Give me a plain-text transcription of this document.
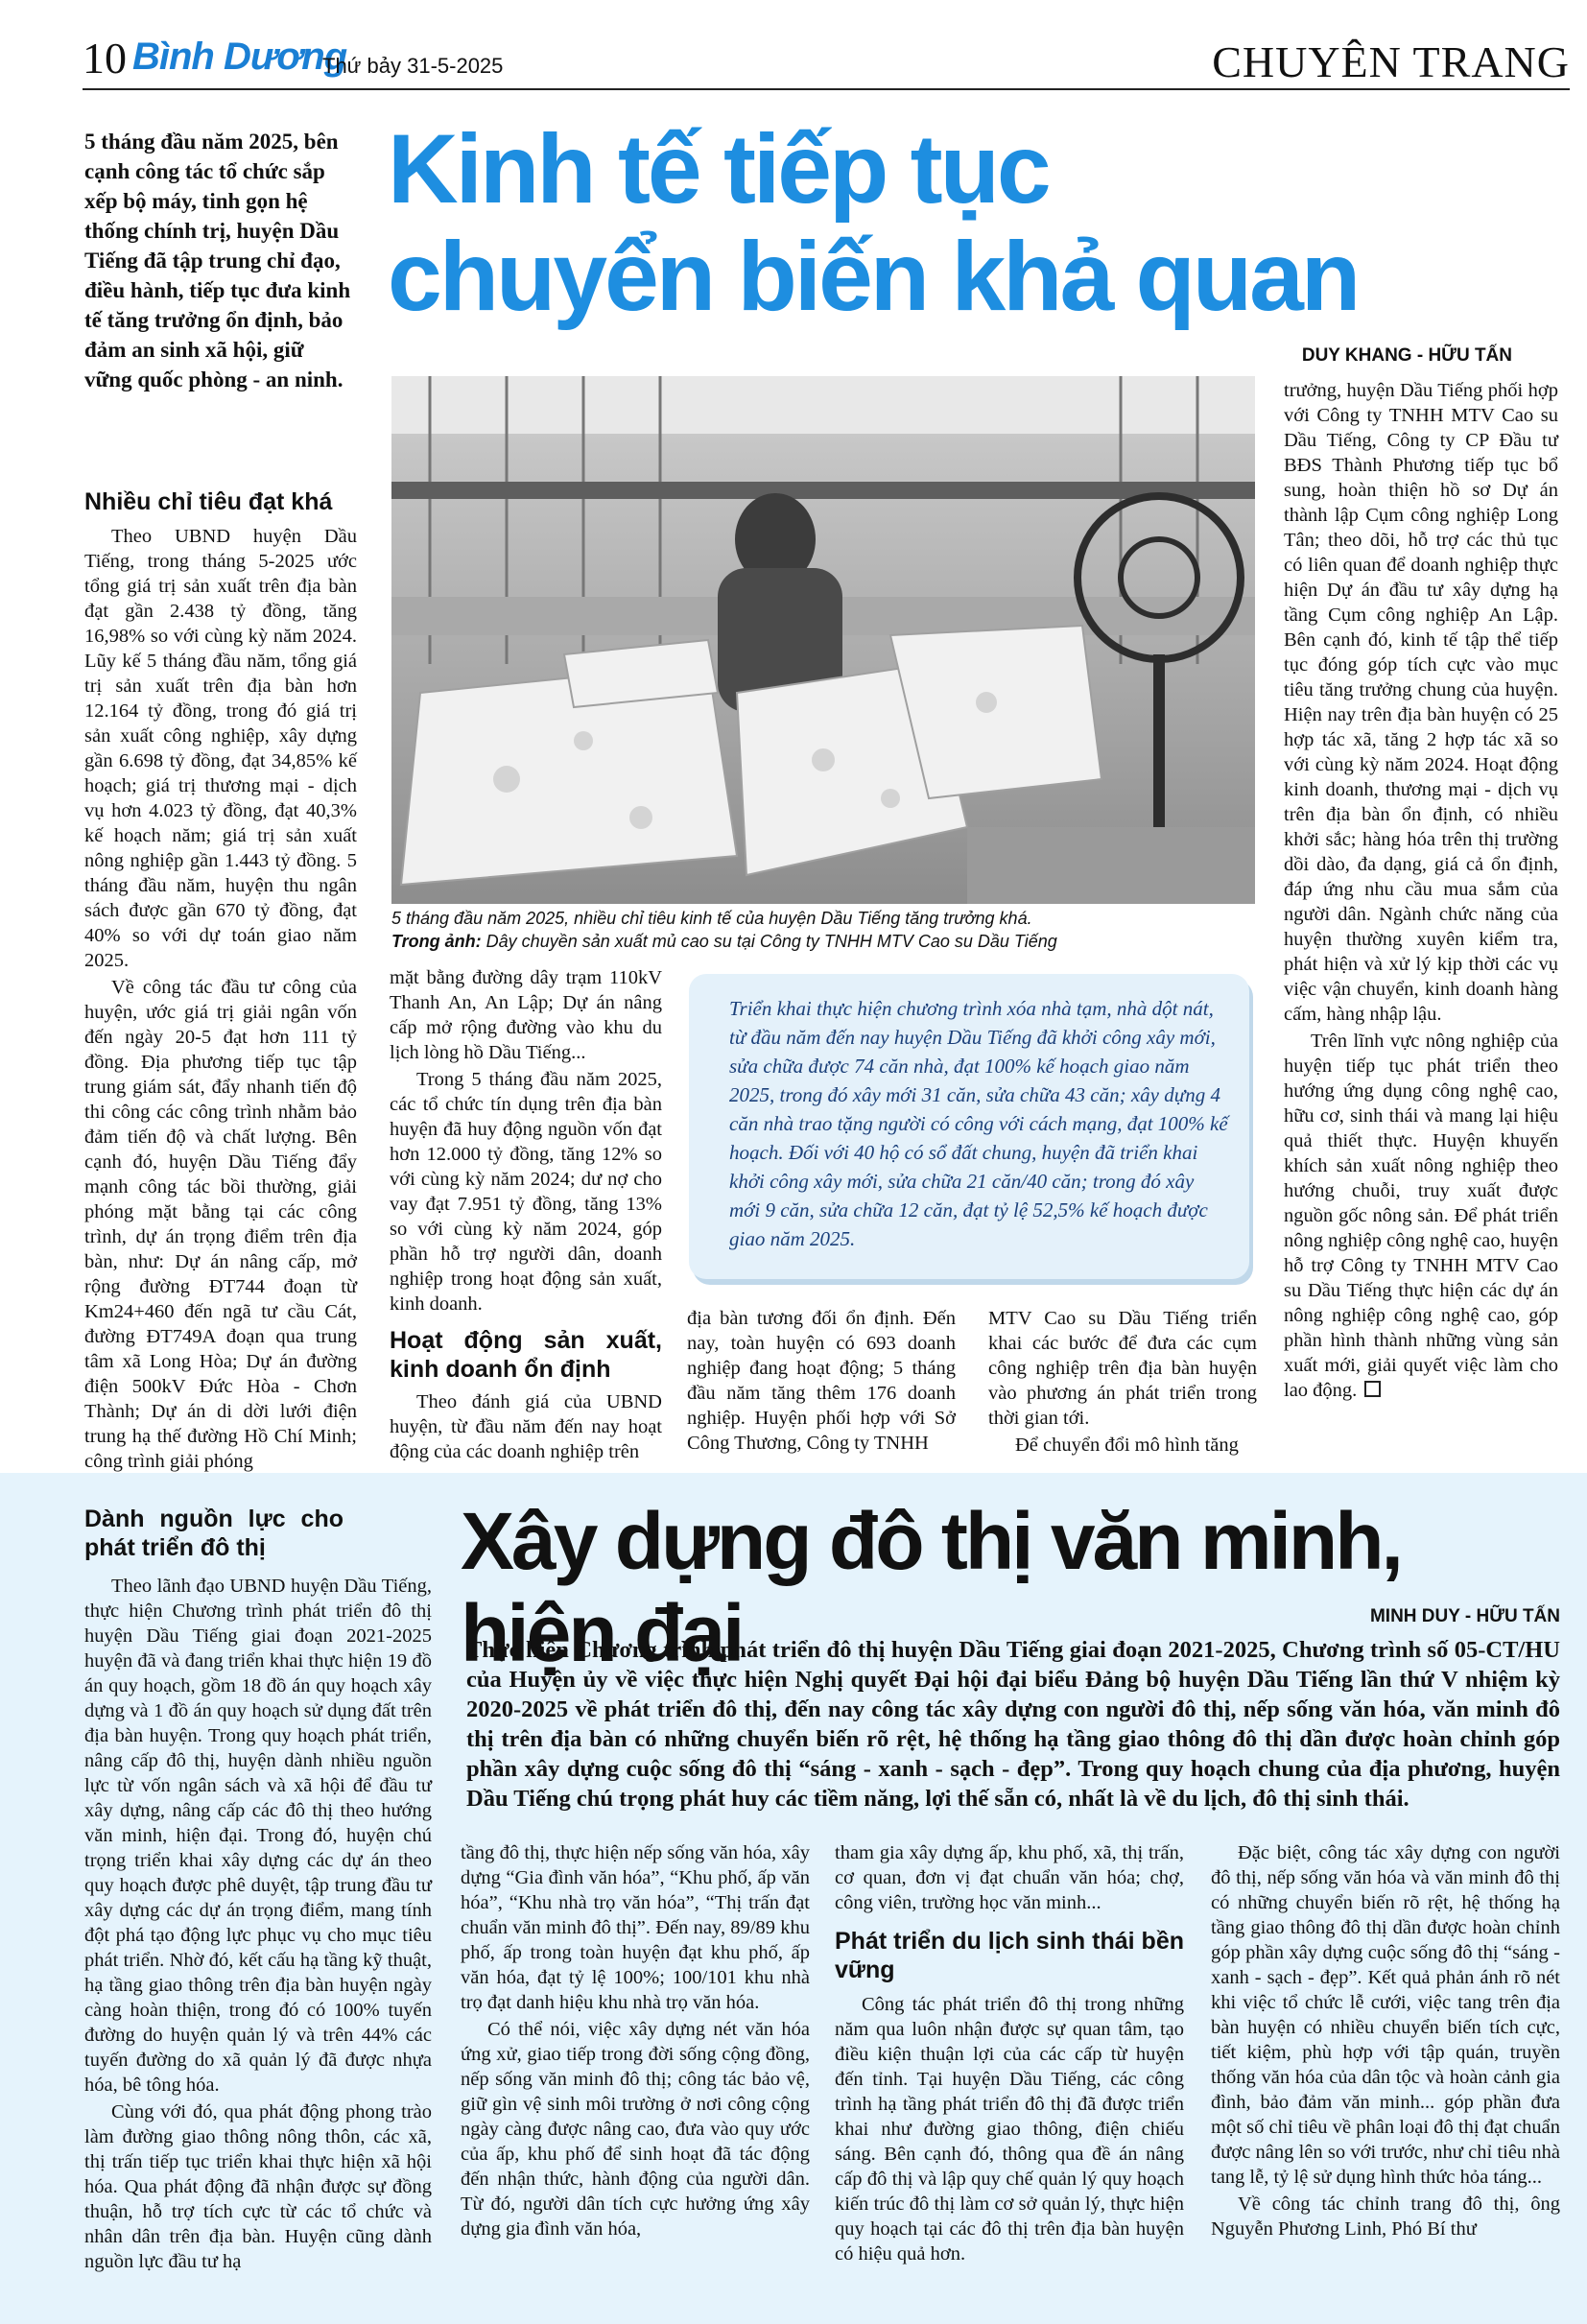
10 Bình Dương
Thứ bảy 31-5-2025	CHUYÊN TRANG
5 tháng đầu năm 2025, bên cạnh công tác tổ chức sắp xếp bộ máy, tinh gọn hệ thống chính trị, huyện Dầu Tiếng đã tập trung chỉ đạo, điều hành, tiếp tục đưa kinh tế tăng trưởng ổn định, bảo đảm an sinh xã hội, giữ vững quốc phòng - an ninh.
Kinh tế tiếp tục
chuyển biến khả quan
DUY KHANG - HỮU TẤN
Nhiều chỉ tiêu đạt khá

Theo UBND huyện Dầu Tiếng, trong tháng 5-2025 ước tổng giá trị sản xuất trên địa bàn đạt gần 2.438 tỷ đồng, tăng 16,98% so với cùng kỳ năm 2024. Lũy kế 5 tháng đầu năm, tổng giá trị sản xuất trên địa bàn hơn 12.164 tỷ đồng, trong đó giá trị sản xuất công nghiệp, xây dựng gần 6.698 tỷ đồng, đạt 34,85% kế hoạch; giá trị thương mại - dịch vụ hơn 4.023 tỷ đồng, đạt 40,3% kế hoạch năm; giá trị sản xuất nông nghiệp gần 1.443 tỷ đồng. 5 tháng đầu năm, huyện thu ngân sách được gần 670 tỷ đồng, đạt 40% so với dự toán giao năm 2025.

Về công tác đầu tư công của huyện, ước giá trị giải ngân vốn đến ngày 20-5 đạt hơn 111 tỷ đồng. Địa phương tiếp tục tập trung giám sát, đẩy nhanh tiến độ thi công các công trình nhằm bảo đảm tiến độ và chất lượng. Bên cạnh đó, huyện Dầu Tiếng đẩy mạnh công tác bồi thường, giải phóng mặt bằng tại các công trình, dự án trọng điểm trên địa bàn, như: Dự án nâng cấp, mở rộng đường ĐT744 đoạn từ Km24+460 đến ngã tư cầu Cát, đường ĐT749A đoạn qua trung tâm xã Long Hòa; Dự án đường điện 500kV Đức Hòa - Chơn Thành; Dự án di dời lưới điện trung hạ thế đường Hồ Chí Minh; công trình giải phóng

5 tháng đầu năm 2025, nhiều chỉ tiêu kinh tế của huyện Dầu Tiếng tăng trưởng khá.
Trong ảnh: Dây chuyền sản xuất mủ cao su tại Công ty TNHH MTV Cao su Dầu Tiếng

mặt bằng đường dây trạm 110kV Thanh An, An Lập; Dự án nâng cấp mở rộng đường vào khu du lịch lòng hồ Dầu Tiếng...

Trong 5 tháng đầu năm 2025, các tổ chức tín dụng trên địa bàn huyện đã huy động nguồn vốn đạt hơn 12.000 tỷ đồng, tăng 12% so với cùng kỳ năm 2024; dư nợ cho vay đạt 7.951 tỷ đồng, tăng 13% so với cùng kỳ năm 2024, góp phần hỗ trợ người dân, doanh nghiệp trong hoạt động sản xuất, kinh doanh.

Hoạt động sản xuất, kinh doanh ổn định

Theo đánh giá của UBND huyện, từ đầu năm đến nay hoạt động của các doanh nghiệp trên

Triển khai thực hiện chương trình xóa nhà tạm, nhà dột nát, từ đầu năm đến nay huyện Dầu Tiếng đã khởi công xây mới, sửa chữa được 74 căn nhà, đạt 100% kế hoạch giao năm 2025, trong đó xây mới 31 căn, sửa chữa 43 căn; xây dựng 4 căn nhà trao tặng người có công với cách mạng, đạt 100% kế hoạch. Đối với 40 hộ có sổ đất chung, huyện đã triển khai khởi công xây mới, sửa chữa 21 căn/40 căn; trong đó xây mới 9 căn, sửa chữa 12 căn, đạt tỷ lệ 52,5% kế hoạch được giao năm 2025.

địa bàn tương đối ổn định. Đến nay, toàn huyện có 693 doanh nghiệp đang hoạt động; 5 tháng đầu năm tăng thêm 176 doanh nghiệp. Huyện phối hợp với Sở Công Thương, Công ty TNHH

MTV Cao su Dầu Tiếng triển khai các bước để đưa các cụm công nghiệp trên địa bàn huyện vào phương án phát triển trong thời gian tới.

Để chuyển đổi mô hình tăng

trưởng, huyện Dầu Tiếng phối hợp với Công ty TNHH MTV Cao su Dầu Tiếng, Công ty CP Đầu tư BĐS Thành Phương tiếp tục bổ sung, hoàn thiện hồ sơ Dự án thành lập Cụm công nghiệp Long Tân; theo dõi, hỗ trợ các thủ tục có liên quan để doanh nghiệp thực hiện Dự án đầu tư xây dựng hạ tầng Cụm công nghiệp An Lập. Bên cạnh đó, kinh tế tập thể tiếp tục đóng góp tích cực vào mục tiêu tăng trưởng chung của huyện. Hiện nay trên địa bàn huyện có 25 hợp tác xã, tăng 2 hợp tác xã so với cùng kỳ năm 2024. Hoạt động kinh doanh, thương mại - dịch vụ trên địa bàn ổn định, có nhiều khởi sắc; hàng hóa trên thị trường dồi dào, đa dạng, giá cả ổn định, đáp ứng nhu cầu mua sắm của người dân. Ngành chức năng của huyện thường xuyên kiểm tra, phát hiện và xử lý kịp thời các vụ việc vận chuyển, kinh doanh hàng cấm, hàng nhập lậu.

Trên lĩnh vực nông nghiệp của huyện tiếp tục phát triển theo hướng ứng dụng công nghệ cao, hữu cơ, sinh thái và mang lại hiệu quả thiết thực. Huyện khuyến khích sản xuất nông nghiệp theo hướng chuỗi, truy xuất được nguồn gốc nông sản. Để phát triển nông nghiệp công nghệ cao, huyện hỗ trợ Công ty TNHH MTV Cao su Dầu Tiếng thực hiện các dự án nông nghiệp công nghệ cao, góp phần hình thành những vùng sản xuất mới, giải quyết việc làm cho lao động.

Dành nguồn lực cho phát triển đô thị

Theo lãnh đạo UBND huyện Dầu Tiếng, thực hiện Chương trình phát triển đô thị huyện Dầu Tiếng giai đoạn 2021-2025 huyện đã và đang triển khai thực hiện 19 đồ án quy hoạch, gồm 18 đồ án quy hoạch xây dựng và 1 đồ án quy hoạch sử dụng đất trên địa bàn huyện. Trong quy hoạch phát triển, nâng cấp đô thị, huyện dành nhiều nguồn lực từ vốn ngân sách và xã hội để đầu tư xây dựng, nâng cấp các đô thị theo hướng văn minh, hiện đại. Trong đó, huyện chú trọng triển khai xây dựng các dự án theo quy hoạch được phê duyệt, tập trung đầu tư xây dựng các dự án trọng điểm, mang tính đột phá tạo động lực phục vụ cho mục tiêu phát triển. Nhờ đó, kết cấu hạ tầng kỹ thuật, hạ tầng giao thông trên địa bàn huyện ngày càng hoàn thiện, trong đó có 100% tuyến đường do huyện quản lý và trên 44% các tuyến đường do xã quản lý đã được nhựa hóa, bê tông hóa.

Cùng với đó, qua phát động phong trào làm đường giao thông nông thôn, các xã, thị trấn tiếp tục triển khai thực hiện xã hội hóa. Qua phát động đã nhận được sự đồng thuận, hỗ trợ tích cực từ các tổ chức và nhân dân trên địa bàn. Huyện cũng dành nguồn lực đầu tư hạ

Xây dựng đô thị văn minh, hiện đại	MINH DUY - HỮU TẤN
Thực hiện Chương trình phát triển đô thị huyện Dầu Tiếng giai đoạn 2021-2025, Chương trình số 05-CT/HU của Huyện ủy về việc thực hiện Nghị quyết Đại hội đại biểu Đảng bộ huyện Dầu Tiếng lần thứ V nhiệm kỳ 2020-2025 về phát triển đô thị, đến nay công tác xây dựng con người đô thị, nếp sống văn hóa, văn minh đô thị trên địa bàn có những chuyển biến rõ rệt, hệ thống hạ tầng giao thông đô thị dần được hoàn chỉnh góp phần xây dựng cuộc sống đô thị “sáng - xanh - sạch - đẹp”. Trong quy hoạch chung của địa phương, huyện Dầu Tiếng chú trọng phát huy các tiềm năng, lợi thế sẵn có, nhất là về du lịch, đô thị sinh thái.

tầng đô thị, thực hiện nếp sống văn hóa, xây dựng “Gia đình văn hóa”, “Khu phố, ấp văn hóa”, “Khu nhà trọ văn hóa”, “Thị trấn đạt chuẩn văn minh đô thị”. Đến nay, 89/89 khu phố, ấp trong toàn huyện đạt khu phố, ấp văn hóa, đạt tỷ lệ 100%; 100/101 khu nhà trọ đạt danh hiệu khu nhà trọ văn hóa.

Có thể nói, việc xây dựng nét văn hóa ứng xử, giao tiếp trong đời sống cộng đồng, nếp sống văn minh đô thị; công tác bảo vệ, giữ gìn vệ sinh môi trường ở nơi công cộng ngày càng được nâng cao, đưa vào quy ước của ấp, khu phố để sinh hoạt đã tác động đến nhận thức, hành động của người dân. Từ đó, người dân tích cực hưởng ứng xây dựng gia đình văn hóa,

tham gia xây dựng ấp, khu phố, xã, thị trấn, cơ quan, đơn vị đạt chuẩn văn hóa; chợ, công viên, trường học văn minh...

Phát triển du lịch sinh thái bền vững

Công tác phát triển đô thị trong những năm qua luôn nhận được sự quan tâm, tạo điều kiện thuận lợi của các cấp từ huyện đến tỉnh. Tại huyện Dầu Tiếng, các công trình hạ tầng phát triển đô thị đã được triển khai như đường giao thông, điện chiếu sáng. Bên cạnh đó, thông qua đề án nâng cấp đô thị và lập quy chế quản lý quy hoạch kiến trúc đô thị làm cơ sở quản lý, thực hiện quy hoạch tại các đô thị trên địa bàn huyện có hiệu quả hơn.

Đặc biệt, công tác xây dựng con người đô thị, nếp sống văn hóa và văn minh đô thị có những chuyển biến rõ rệt, hệ thống hạ tầng giao thông đô thị dần được hoàn chỉnh góp phần xây dựng cuộc sống đô thị “sáng - xanh - sạch - đẹp”. Kết quả phản ánh rõ nét khi việc tổ chức lễ cưới, việc tang trên địa bàn huyện có nhiều chuyển biến tích cực, tiết kiệm, phù hợp với tập quán, truyền thống văn hóa của dân tộc và hoàn cảnh gia đình, bảo đảm văn minh... góp phần đưa một số chỉ tiêu về phân loại đô thị đạt chuẩn được nâng lên so với trước, như chỉ tiêu nhà tang lễ, tỷ lệ sử dụng hình thức hỏa táng...

Về công tác chỉnh trang đô thị, ông Nguyễn Phương Linh, Phó Bí thư
